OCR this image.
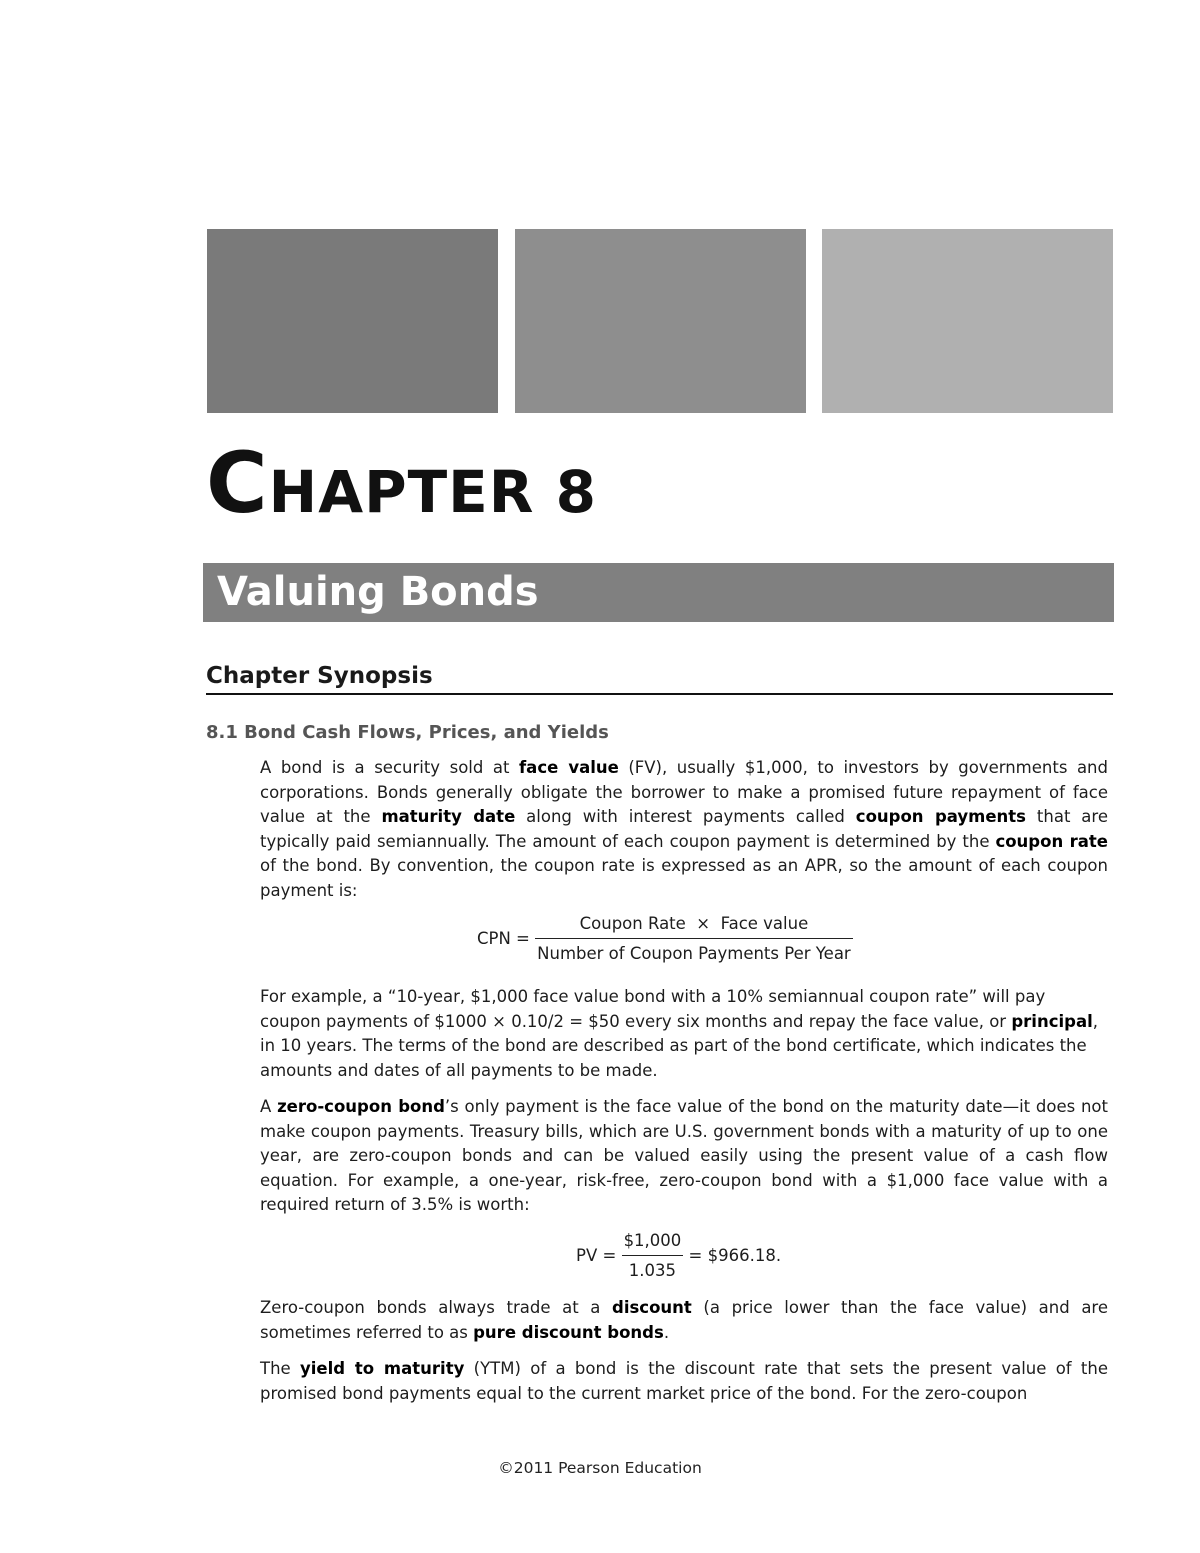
CHAPTER 8
Valuing Bonds
Chapter Synopsis
8.1 Bond Cash Flows, Prices, and Yields

A bond is a security sold at face value (FV), usually $1,000, to investors by governments and corporations. Bonds generally obligate the borrower to make a promised future repayment of face value at the maturity date along with interest payments called coupon payments that are typically paid semiannually. The amount of each coupon payment is determined by the coupon rate of the bond. By convention, the coupon rate is expressed as an APR, so the amount of each coupon payment is:

CPN = $\frac{\text{Coupon Rate  ×  Face value}}{\text{Number of Coupon Payments Per Year}}$

For example, a “10-year, $1,000 face value bond with a 10% semiannual coupon rate” will pay coupon payments of $1000 × 0.10/2 = $50 every six months and repay the face value, or principal, in 10 years. The terms of the bond are described as part of the bond certificate, which indicates the amounts and dates of all payments to be made.

A zero-coupon bond’s only payment is the face value of the bond on the maturity date—it does not make coupon payments. Treasury bills, which are U.S. government bonds with a maturity of up to one year, are zero-coupon bonds and can be valued easily using the present value of a cash flow equation. For example, a one-year, risk-free, zero-coupon bond with a $1,000 face value with a required return of 3.5% is worth:

PV = $\frac{\$1,000}{1.035}$ = $966.18.

Zero-coupon bonds always trade at a discount (a price lower than the face value) and are sometimes referred to as pure discount bonds.

The yield to maturity (YTM) of a bond is the discount rate that sets the present value of the promised bond payments equal to the current market price of the bond. For the zero-coupon

©2011 Pearson Education
